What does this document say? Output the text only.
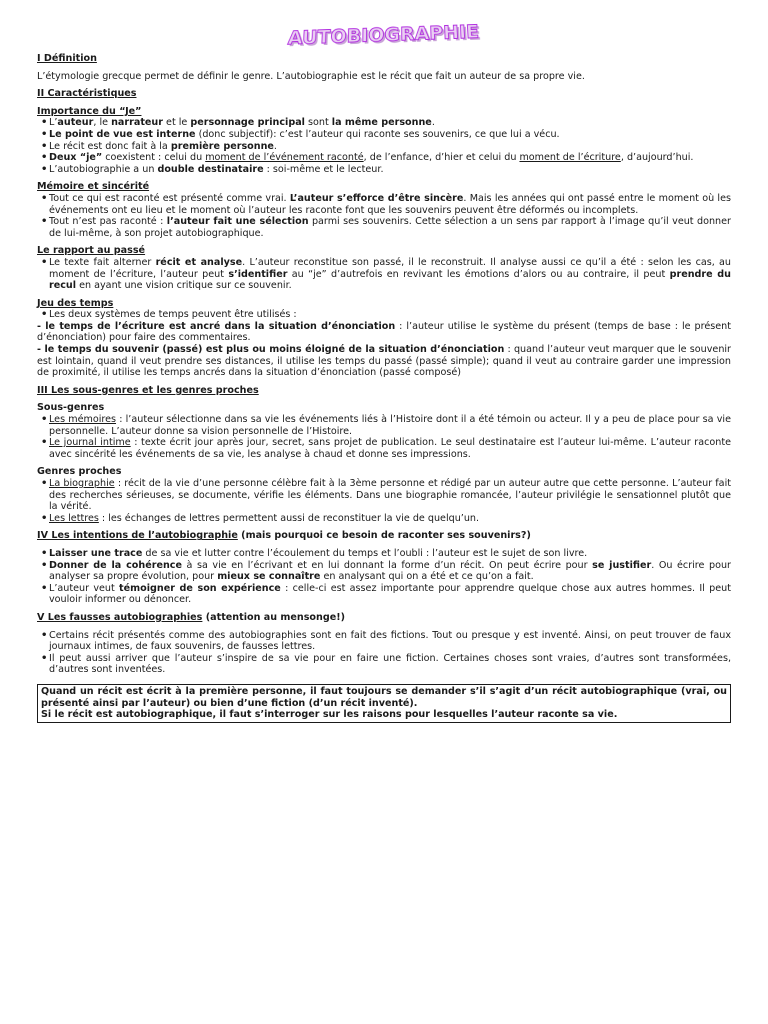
AUTOBIOGRAPHIE

I Définition

L’étymologie grecque permet de définir le genre. L’autobiographie est le récit que fait un auteur de sa propre vie.

II Caractéristiques

Importance du “Je”

• L’auteur, le narrateur et le personnage principal sont la même personne.

• Le point de vue est interne (donc subjectif): c’est l’auteur qui raconte ses souvenirs, ce que lui a vécu.

• Le récit est donc fait à la première personne.

• Deux “je” coexistent : celui du moment de l’événement raconté, de l’enfance, d’hier et celui du moment de l’écriture, d’aujourd’hui.

• L’autobiographie a un double destinataire : soi-même et le lecteur.

Mémoire et sincérité

• Tout ce qui est raconté est présenté comme vrai. L’auteur s’efforce d’être sincère. Mais les années qui ont passé entre le moment où les événements ont eu lieu et le moment où l’auteur les raconte font que les souvenirs peuvent être déformés ou incomplets.

• Tout n’est pas raconté : l’auteur fait une sélection parmi ses souvenirs. Cette sélection a un sens par rapport à l’image qu’il veut donner de lui-même, à son projet autobiographique.

Le rapport au passé

• Le texte fait alterner récit et analyse. L’auteur reconstitue son passé, il le reconstruit. Il analyse aussi ce qu’il a été : selon les cas, au moment de l’écriture, l’auteur peut s’identifier au “je” d’autrefois en revivant les émotions d’alors ou au contraire, il peut prendre du recul en ayant une vision critique sur ce souvenir.

Jeu des temps

• Les deux systèmes de temps peuvent être utilisés :

- le temps de l’écriture est ancré dans la situation d’énonciation : l’auteur utilise le système du présent (temps de base : le présent d’énonciation) pour faire des commentaires.

- le temps du souvenir (passé) est plus ou moins éloigné de la situation d’énonciation : quand l’auteur veut marquer que le souvenir est lointain, quand il veut prendre ses distances, il utilise les temps du passé (passé simple); quand il veut au contraire garder une impression de proximité, il utilise les temps ancrés dans la situation d’énonciation (passé composé)

III Les sous-genres et les genres proches

Sous-genres

• Les mémoires : l’auteur sélectionne dans sa vie les événements liés à l’Histoire dont il a été témoin ou acteur. Il y a peu de place pour sa vie personnelle. L’auteur donne sa vision personnelle de l’Histoire.

• Le journal intime : texte écrit jour après jour, secret, sans projet de publication. Le seul destinataire est l’auteur lui-même. L’auteur raconte avec sincérité les événements de sa vie, les analyse à chaud et donne ses impressions.

Genres proches

• La biographie : récit de la vie d’une personne célèbre fait à la 3ème personne et rédigé par un auteur autre que cette personne. L’auteur fait des recherches sérieuses, se documente, vérifie les éléments. Dans une biographie romancée, l’auteur privilégie le sensationnel plutôt que la vérité.

• Les lettres : les échanges de lettres permettent aussi de reconstituer la vie de quelqu’un.

IV Les intentions de l’autobiographie (mais pourquoi ce besoin de raconter ses souvenirs?)

• Laisser une trace de sa vie et lutter contre l’écoulement du temps et l’oubli : l’auteur est le sujet de son livre.

• Donner de la cohérence à sa vie en l’écrivant et en lui donnant la forme d’un récit. On peut écrire pour se justifier. Ou écrire pour analyser sa propre évolution, pour mieux se connaître en analysant qui on a été et ce qu’on a fait.

• L’auteur veut témoigner de son expérience : celle-ci est assez importante pour apprendre quelque chose aux autres hommes. Il peut vouloir informer ou dénoncer.

V Les fausses autobiographies (attention au mensonge!)

• Certains récit présentés comme des autobiographies sont en fait des fictions. Tout ou presque y est inventé. Ainsi, on peut trouver de faux journaux intimes, de faux souvenirs, de fausses lettres.

• Il peut aussi arriver que l’auteur s’inspire de sa vie pour en faire une fiction. Certaines choses sont vraies, d’autres sont transformées, d’autres sont inventées.

Quand un récit est écrit à la première personne, il faut toujours se demander s’il s’agit d’un récit autobiographique (vrai, ou présenté ainsi par l’auteur) ou bien d’une fiction (d’un récit inventé).

Si le récit est autobiographique, il faut s’interroger sur les raisons pour lesquelles l’auteur raconte sa vie.
